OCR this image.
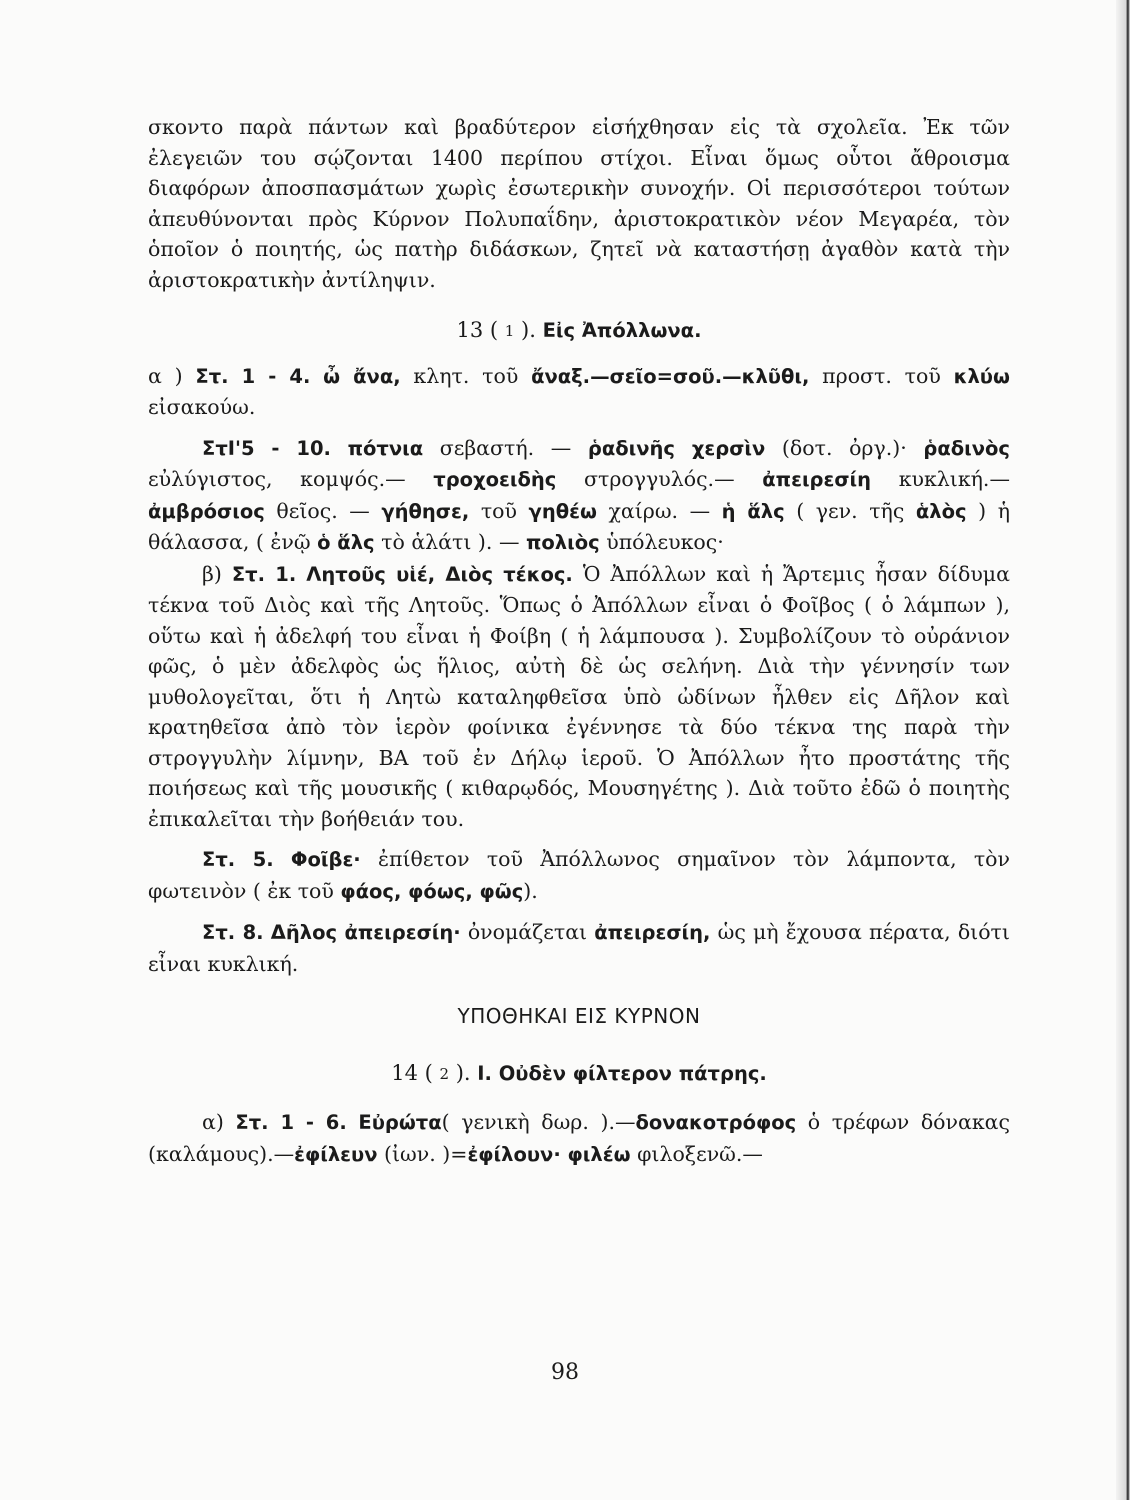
σκοντο παρὰ πάντων καὶ βραδύτερον εἰσήχθησαν εἰς τὰ σχολεῖα. Ἐκ τῶν ἐλεγειῶν του σῴζονται 1400 περίπου στίχοι. Εἶναι ὅμως οὗτοι ἄθροισμα διαφόρων ἀποσπασμάτων χωρὶς ἐσωτερικὴν συνοχήν. Οἱ περισσότεροι τούτων ἀπευθύνονται πρὸς Κύρνον Πολυπαΐδην, ἀριστοκρατικὸν νέον Μεγαρέα, τὸν ὁποῖον ὁ ποιητής, ὡς πατὴρ διδάσκων, ζητεῖ νὰ καταστήσῃ ἀγαθὸν κατὰ τὴν ἀριστοκρατικὴν ἀντίληψιν.

13 ( 1 ). Εἰς Ἀπόλλωνα.

α ) Στ. 1 - 4. ὦ ἄνα, κλητ. τοῦ ἄναξ.—σεῖο=σοῦ.—κλῦθι, προστ. τοῦ κλύω εἰσακούω.

ΣτΙ'5 - 10. πότνια σεβαστή. — ῥαδινῆς χερσὶν (δοτ. ὀργ.)· ῥαδινὸς εὐλύγιστος, κομψός.— τροχοειδὴς στρογγυλός.— ἀπειρεσίη κυκλική.— ἀμβρόσιος θεῖος. — γήθησε, τοῦ γηθέω χαίρω. — ἡ ἅλς ( γεν. τῆς ἁλὸς ) ἡ θάλασσα, ( ἐνῷ ὁ ἅλς τὸ ἁλάτι ). — πολιὸς ὑπόλευκος·

β) Στ. 1. Λητοῦς υἱέ, Διὸς τέκος. Ὁ Ἀπόλλων καὶ ἡ Ἄρτεμις ἦσαν δίδυμα τέκνα τοῦ Διὸς καὶ τῆς Λητοῦς. Ὅπως ὁ Ἀπόλλων εἶναι ὁ Φοῖβος ( ὁ λάμπων ), οὕτω καὶ ἡ ἀδελφή του εἶναι ἡ Φοίβη ( ἡ λάμπουσα ). Συμβολίζουν τὸ οὐράνιον φῶς, ὁ μὲν ἀδελφὸς ὡς ἥλιος, αὐτὴ δὲ ὡς σελήνη. Διὰ τὴν γέννησίν των μυθολογεῖται, ὅτι ἡ Λητὼ καταληφθεῖσα ὑπὸ ὠδίνων ἦλθεν εἰς Δῆλον καὶ κρατηθεῖσα ἀπὸ τὸν ἱερὸν φοίνικα ἐγέννησε τὰ δύο τέκνα της παρὰ τὴν στρογγυλὴν λίμνην, ΒΑ τοῦ ἐν Δήλῳ ἱεροῦ. Ὁ Ἀπόλλων ἦτο προστάτης τῆς ποιήσεως καὶ τῆς μουσικῆς ( κιθαρῳδός, Μουσηγέτης ). Διὰ τοῦτο ἐδῶ ὁ ποιητὴς ἐπικαλεῖται τὴν βοήθειάν του.

Στ. 5. Φοῖβε· ἐπίθετον τοῦ Ἀπόλλωνος σημαῖνον τὸν λάμποντα, τὸν φωτεινὸν ( ἐκ τοῦ φάος, φόως, φῶς).

Στ. 8. Δῆλος ἀπειρεσίη· ὀνομάζεται ἀπειρεσίη, ὡς μὴ ἔχουσα πέρατα, διότι εἶναι κυκλική.

ΥΠΟΘΗΚΑΙ ΕΙΣ ΚΥΡΝΟΝ

14 ( 2 ). Ι. Οὐδὲν φίλτερον πάτρης.

α) Στ. 1 - 6. Εὐρώτα( γενικὴ δωρ. ).—δονακοτρόφος ὁ τρέφων δόνακας (καλάμους).—ἐφίλευν (ἰων. )=ἐφίλουν· φιλέω φιλοξενῶ.—

98
